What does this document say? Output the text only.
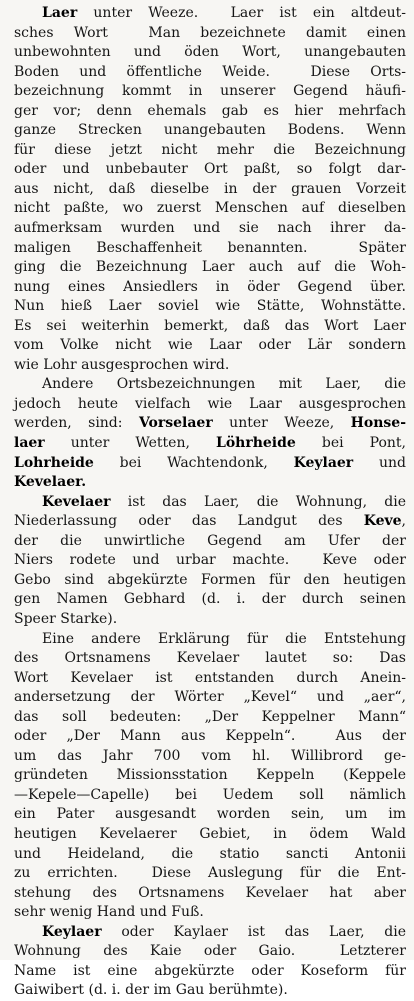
Laer unter Weeze.  Laer ist ein altdeut-
sches Wort  Man bezeichnete damit einen
unbewohnten und öden Wort, unangebauten
Boden und öffentliche Weide.  Diese Orts-
bezeichnung kommt in unserer Gegend häufi-
ger vor; denn ehemals gab es hier mehrfach
ganze Strecken unangebauten Bodens. Wenn
für diese jetzt nicht mehr die Bezeichnung
oder und unbebauter Ort paßt, so folgt dar-
aus nicht, daß dieselbe in der grauen Vorzeit
nicht paßte, wo zuerst Menschen auf dieselben
aufmerksam wurden und sie nach ihrer da-
maligen Beschaffenheit benannten.  Später
ging die Bezeichnung Laer auch auf die Woh-
nung eines Ansiedlers in öder Gegend über.
Nun hieß Laer soviel wie Stätte, Wohnstätte.
Es sei weiterhin bemerkt, daß das Wort Laer
vom Volke nicht wie Laar oder Lär sondern
wie Lohr ausgesprochen wird.
Andere Ortsbezeichnungen mit Laer, die
jedoch heute vielfach wie Laar ausgesprochen
werden, sind: Vorselaer unter Weeze, Honse-
laer unter Wetten, Löhrheide bei Pont,
Lohrheide bei Wachtendonk, Keylaer und
Kevelaer.
Kevelaer ist das Laer, die Wohnung, die
Niederlassung oder das Landgut des Keve,
der die unwirtliche Gegend am Ufer der
Niers rodete und urbar machte.  Keve oder
Gebo sind abgekürzte Formen für den heutigen
gen Namen Gebhard (d. i. der durch seinen
Speer Starke).
Eine andere Erklärung für die Entstehung
des Ortsnamens Kevelaer lautet so: Das
Wort Kevelaer ist entstanden durch Anein-
andersetzung der Wörter „Kevel“ und „aer“,
das soll bedeuten: „Der Keppelner Mann“
oder „Der Mann aus Keppeln“.  Aus der
um das Jahr 700 vom hl. Willibrord ge-
gründeten Missionsstation Keppeln (Keppele
—Kepele—Capelle) bei Uedem soll nämlich
ein Pater ausgesandt worden sein, um im
heutigen Kevelaerer Gebiet, in ödem Wald
und Heideland, die statio sancti Antonii
zu errichten.  Diese Auslegung für die Ent-
stehung des Ortsnamens Kevelaer hat aber
sehr wenig Hand und Fuß.
Keylaer oder Kaylaer ist das Laer, die
Wohnung des Kaie oder Gaio.  Letzterer
Name ist eine abgekürzte oder Koseform für
Gaiwibert (d. i. der im Gau berühmte).
